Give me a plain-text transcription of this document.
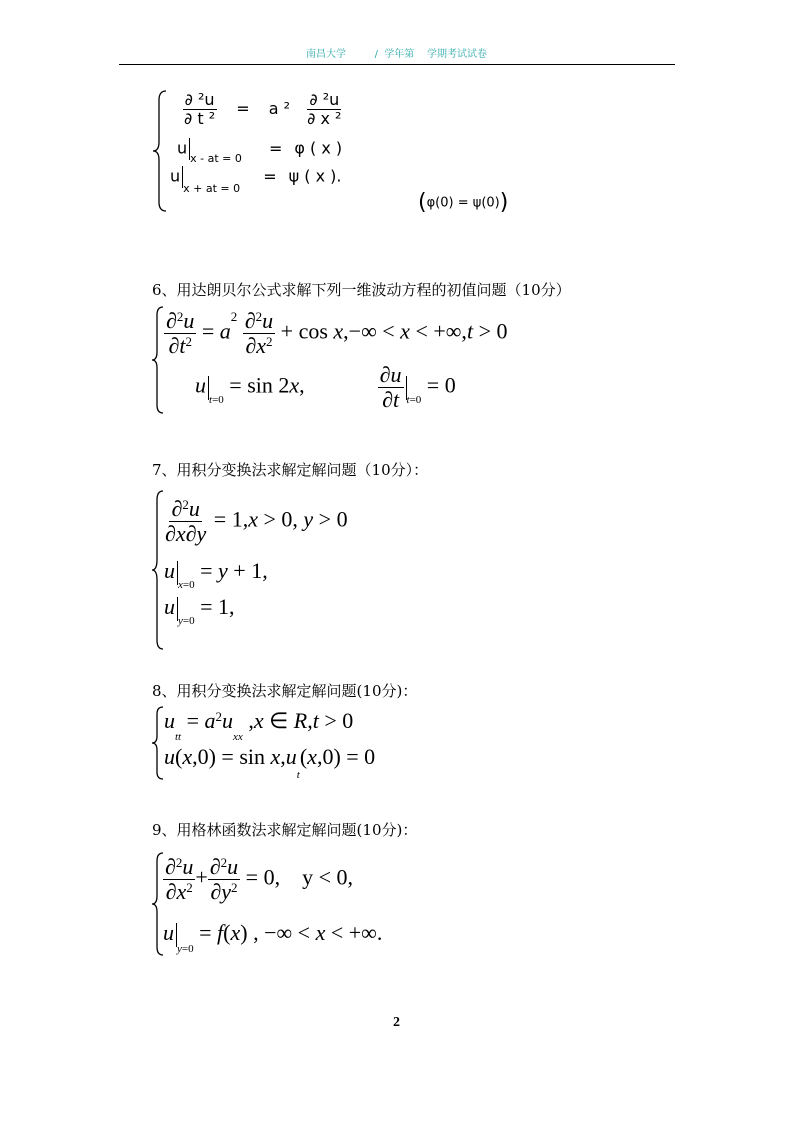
南昌大学         /  学年第    学期考试试卷
$\frac{\text{∂ ²u}}{\text{∂ t ²}} = a$ $^2 \frac{\text{∂ ²u}}{\text{∂ x ²}}$
$u_{x - at = 0} = \varphi$ ( x )
$u_{x + at = 0} = \psi$ ( x ).
(φ(0) = ψ(0))
6、用达朗贝尔公式求解下列一维波动方程的初值问题（10分）
$\frac{\partial^2u}{\partial t^2} = a^2 \frac{\partial^2u}{\partial x^2} + \cos x,-\infty < x < +\infty,t > 0$
$u_{t=0} = \sin 2x$,	$\frac{\partial u}{\partial t} _{t=0} = 0$
7、用积分变换法求解定解问题（10分）：
$\frac{\partial^2u}{\partial x\partial y} = 1,x > 0$, y > 0
$u_{x=0} = y + 1$,
$u_{y=0} = 1$,
8、用积分变换法求解定解问题(10分)：
$u_{tt} = a^2u_{xx}$ ,x ∈ R,t > 0
$u(x,0) = \sin x,u_t(x,0) = 0$
9、用格林函数法求解定解问题(10分)：
$\frac{\partial^2u}{\partial x^2} + \frac{\partial^2u}{\partial y^2} = 0$, y < 0,
$u_{y=0} = f(x)$ , −∞ < x < +∞.
2
